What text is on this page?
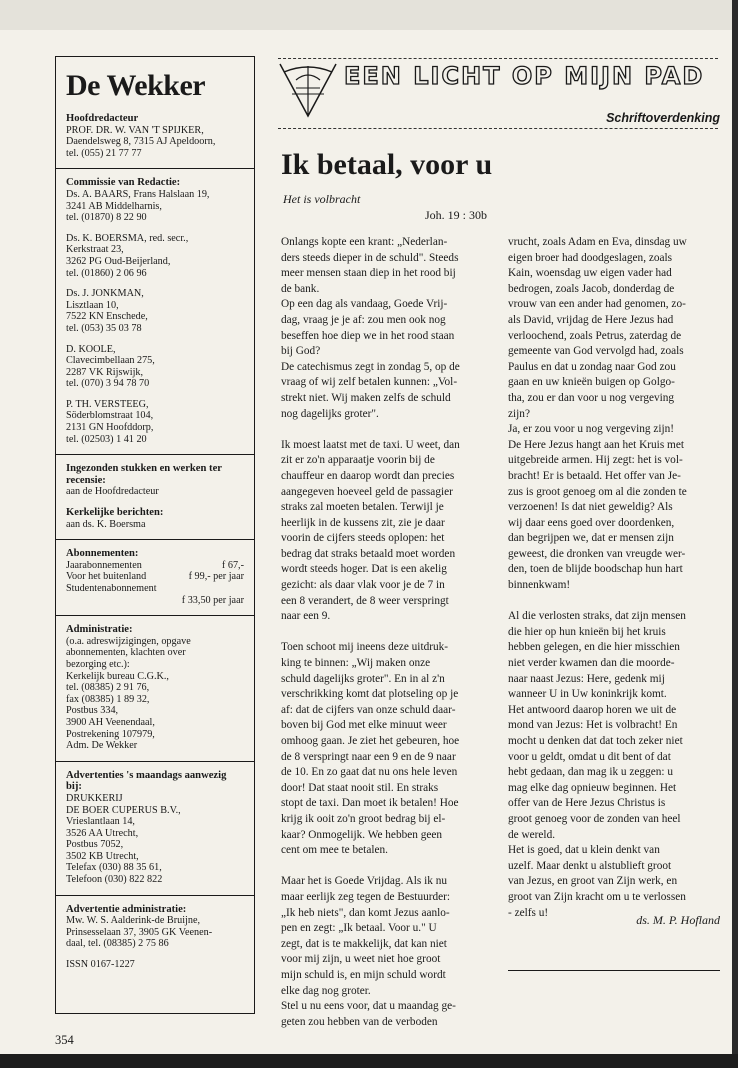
De Wekker
Hoofdredacteur
PROF. DR. W. VAN 'T SPIJKER,
Daendelsweg 8, 7315 AJ Apeldoorn,
tel. (055) 21 77 77
Commissie van Redactie:
Ds. A. BAARS, Frans Halslaan 19,
3241 AB Middelharnis,
tel. (01870) 8 22 90
Ds. K. BOERSMA, red. secr.,
Kerkstraat 23,
3262 PG Oud-Beijerland,
tel. (01860) 2 06 96
Ds. J. JONKMAN,
Lisztlaan 10,
7522 KN Enschede,
tel. (053) 35 03 78
D. KOOLE,
Clavecimbellaan 275,
2287 VK Rijswijk,
tel. (070) 3 94 78 70
P. TH. VERSTEEG,
Söderblomstraat 104,
2131 GN Hoofddorp,
tel. (02503) 1 41 20
Ingezonden stukken en werken ter recensie:
aan de Hoofdredacteur
Kerkelijke berichten:
aan ds. K. Boersma
Abonnementen:
Jaarabonnementen	f 67,-
Voor het buitenland	f 99,- per jaar
Studentenabonnement
f 33,50 per jaar
Administratie:
(o.a. adreswijzigingen, opgave
abonnementen, klachten over
bezorging etc.):
Kerkelijk bureau C.G.K.,
tel. (08385) 2 91 76,
fax (08385) 1 89 32,
Postbus 334,
3900 AH Veenendaal,
Postrekening 107979,
Adm. De Wekker
Advertenties 's maandags aanwezig bij:
DRUKKERIJ
DE BOER CUPERUS B.V.,
Vrieslantlaan 14,
3526 AA Utrecht,
Postbus 7052,
3502 KB Utrecht,
Telefax (030) 88 35 61,
Telefoon (030) 822 822
Advertentie administratie:
Mw. W. S. Aalderink-de Bruijne,
Prinsesselaan 37, 3905 GK Veenen-
daal, tel. (08385) 2 75 86
ISSN 0167-1227
EEN LICHT OP MIJN PAD
Schriftoverdenking
Ik betaal, voor u
Het is volbracht
Joh. 19 : 30b

Onlangs kopte een krant: „Nederlan-
ders steeds dieper in de schuld". Steeds
meer mensen staan diep in het rood bij
de bank.
Op een dag als vandaag, Goede Vrij-
dag, vraag je je af: zou men ook nog
beseffen hoe diep we in het rood staan
bij God?
De catechismus zegt in zondag 5, op de
vraag of wij zelf betalen kunnen: „Vol-
strekt niet. Wij maken zelfs de schuld
nog dagelijks groter".

Ik moest laatst met de taxi. U weet, dan
zit er zo'n apparaatje voorin bij de
chauffeur en daarop wordt dan precies
aangegeven hoeveel geld de passagier
straks zal moeten betalen. Terwijl je
heerlijk in de kussens zit, zie je daar
voorin de cijfers steeds oplopen: het
bedrag dat straks betaald moet worden
wordt steeds hoger. Dat is een akelig
gezicht: als daar vlak voor je de 7 in
een 8 verandert, de 8 weer verspringt
naar een 9.

Toen schoot mij ineens deze uitdruk-
king te binnen: „Wij maken onze
schuld dagelijks groter". En in al z'n
verschrikking komt dat plotseling op je
af: dat de cijfers van onze schuld daar-
boven bij God met elke minuut weer
omhoog gaan. Je ziet het gebeuren, hoe
de 8 verspringt naar een 9 en de 9 naar
de 10. En zo gaat dat nu ons hele leven
door! Dat staat nooit stil. En straks
stopt de taxi. Dan moet ik betalen! Hoe
krijg ik ooit zo'n groot bedrag bij el-
kaar? Onmogelijk. We hebben geen
cent om mee te betalen.

Maar het is Goede Vrijdag. Als ik nu
maar eerlijk zeg tegen de Bestuurder:
„Ik heb niets", dan komt Jezus aanlo-
pen en zegt: „Ik betaal. Voor u." U
zegt, dat is te makkelijk, dat kan niet
voor mij zijn, u weet niet hoe groot
mijn schuld is, en mijn schuld wordt
elke dag nog groter.
Stel u nu eens voor, dat u maandag ge-
geten zou hebben van de verboden

vrucht, zoals Adam en Eva, dinsdag uw
eigen broer had doodgeslagen, zoals
Kain, woensdag uw eigen vader had
bedrogen, zoals Jacob, donderdag de
vrouw van een ander had genomen, zo-
als David, vrijdag de Here Jezus had
verloochend, zoals Petrus, zaterdag de
gemeente van God vervolgd had, zoals
Paulus en dat u zondag naar God zou
gaan en uw knieën buigen op Golgo-
tha, zou er dan voor u nog vergeving
zijn?
Ja, er zou voor u nog vergeving zijn!
De Here Jezus hangt aan het Kruis met
uitgebreide armen. Hij zegt: het is vol-
bracht! Er is betaald. Het offer van Je-
zus is groot genoeg om al die zonden te
verzoenen! Is dat niet geweldig? Als
wij daar eens goed over doordenken,
dan begrijpen we, dat er mensen zijn
geweest, die dronken van vreugde wer-
den, toen de blijde boodschap hun hart
binnenkwam!

Al die verlosten straks, dat zijn mensen
die hier op hun knieën bij het kruis
hebben gelegen, en die hier misschien
niet verder kwamen dan die moorde-
naar naast Jezus: Here, gedenk mij
wanneer U in Uw koninkrijk komt.
Het antwoord daarop horen we uit de
mond van Jezus: Het is volbracht! En
mocht u denken dat dat toch zeker niet
voor u geldt, omdat u dit bent of dat
hebt gedaan, dan mag ik u zeggen: u
mag elke dag opnieuw beginnen. Het
offer van de Here Jezus Christus is
groot genoeg voor de zonden van heel
de wereld.
Het is goed, dat u klein denkt van
uzelf. Maar denkt u alstublieft groot
van Jezus, en groot van Zijn werk, en
groot van Zijn kracht om u te verlossen
- zelfs u!

ds. M. P. Hofland
354
